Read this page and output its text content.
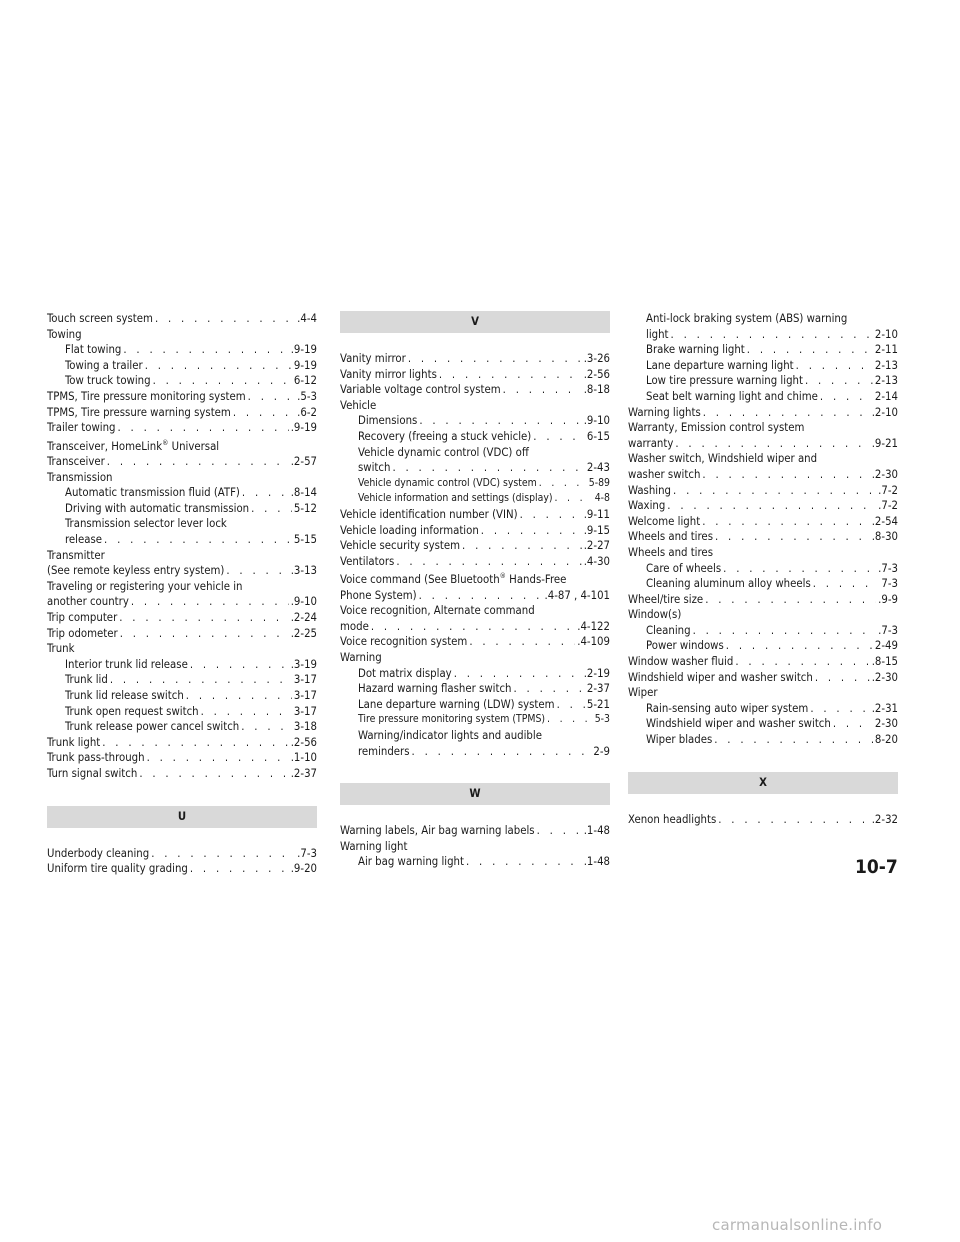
Touch screen system . . .	.4-4
Towing
Flat towing . . .	.9-19
Towing a trailer . . .	9-19
Tow truck towing . . .	6-12
TPMS, Tire pressure monitoring system . . .	.5-3
TPMS, Tire pressure warning system . . .	.6-2
Trailer towing . . .	.9-19
Transceiver, HomeLink® Universal
Transceiver . . .	.2-57
Transmission
Automatic transmission fluid (ATF) . . .	.8-14
Driving with automatic transmission . . .	5-12
Transmission selector lever lock
release . . .	5-15
Transmitter
(See remote keyless entry system) . . .	.3-13
Traveling or registering your vehicle in
another country . . .	.9-10
Trip computer . . .	.2-24
Trip odometer . . .	.2-25
Trunk
Interior trunk lid release . . .	.3-19
Trunk lid . . .	3-17
Trunk lid release switch . . .	3-17
Trunk open request switch . . .	3-17
Trunk release power cancel switch . . .	3-18
Trunk light . . .	.2-56
Trunk pass-through . . .	.1-10
Turn signal switch . . .	.2-37
U
Underbody cleaning . . .	.7-3
Uniform tire quality grading . . .	.9-20
V
Vanity mirror . . .	.3-26
Vanity mirror lights . . .	.2-56
Variable voltage control system . . .	.8-18
Vehicle
Dimensions . . .	.9-10
Recovery (freeing a stuck vehicle) . . .	6-15
Vehicle dynamic control (VDC) off
switch . . .	2-43
Vehicle dynamic control (VDC) system . . .	5-89
Vehicle information and settings (display) . . .	4-8
Vehicle identification number (VIN) . . .	.9-11
Vehicle loading information . . .	.9-15
Vehicle security system . . .	.2-27
Ventilators . . .	.4-30
Voice command (See Bluetooth® Hands-Free
Phone System) . . .	.4-87 , 4-101
Voice recognition, Alternate command
mode . . .	.4-122
Voice recognition system . . .	.4-109
Warning
Dot matrix display . . .	.2-19
Hazard warning flasher switch . . .	2-37
Lane departure warning (LDW) system . . .	5-21
Tire pressure monitoring system (TPMS) . . .	5-3
Warning/indicator lights and audible
reminders . . .	2-9
W
Warning labels, Air bag warning labels . . .	.1-48
Warning light
Air bag warning light . . .	.1-48
Anti-lock braking system (ABS) warning
light . . .	2-10
Brake warning light . . .	2-11
Lane departure warning light . . .	2-13
Low tire pressure warning light . . .	2-13
Seat belt warning light and chime . . .	2-14
Warning lights . . .	.2-10
Warranty, Emission control system
warranty . . .	.9-21
Washer switch, Windshield wiper and
washer switch . . .	.2-30
Washing . . .	.7-2
Waxing . . .	.7-2
Welcome light . . .	.2-54
Wheels and tires . . .	.8-30
Wheels and tires
Care of wheels . . .	.7-3
Cleaning aluminum alloy wheels . . .	7-3
Wheel/tire size . . .	.9-9
Window(s)
Cleaning . . .	.7-3
Power windows . . .	2-49
Window washer fluid . . .	.8-15
Windshield wiper and washer switch . . .	.2-30
Wiper
Rain-sensing auto wiper system . . .	.2-31
Windshield wiper and washer switch . . .	2-30
Wiper blades . . .	8-20
X
Xenon headlights . . .	.2-32
10-7
carmanualsonline.info
